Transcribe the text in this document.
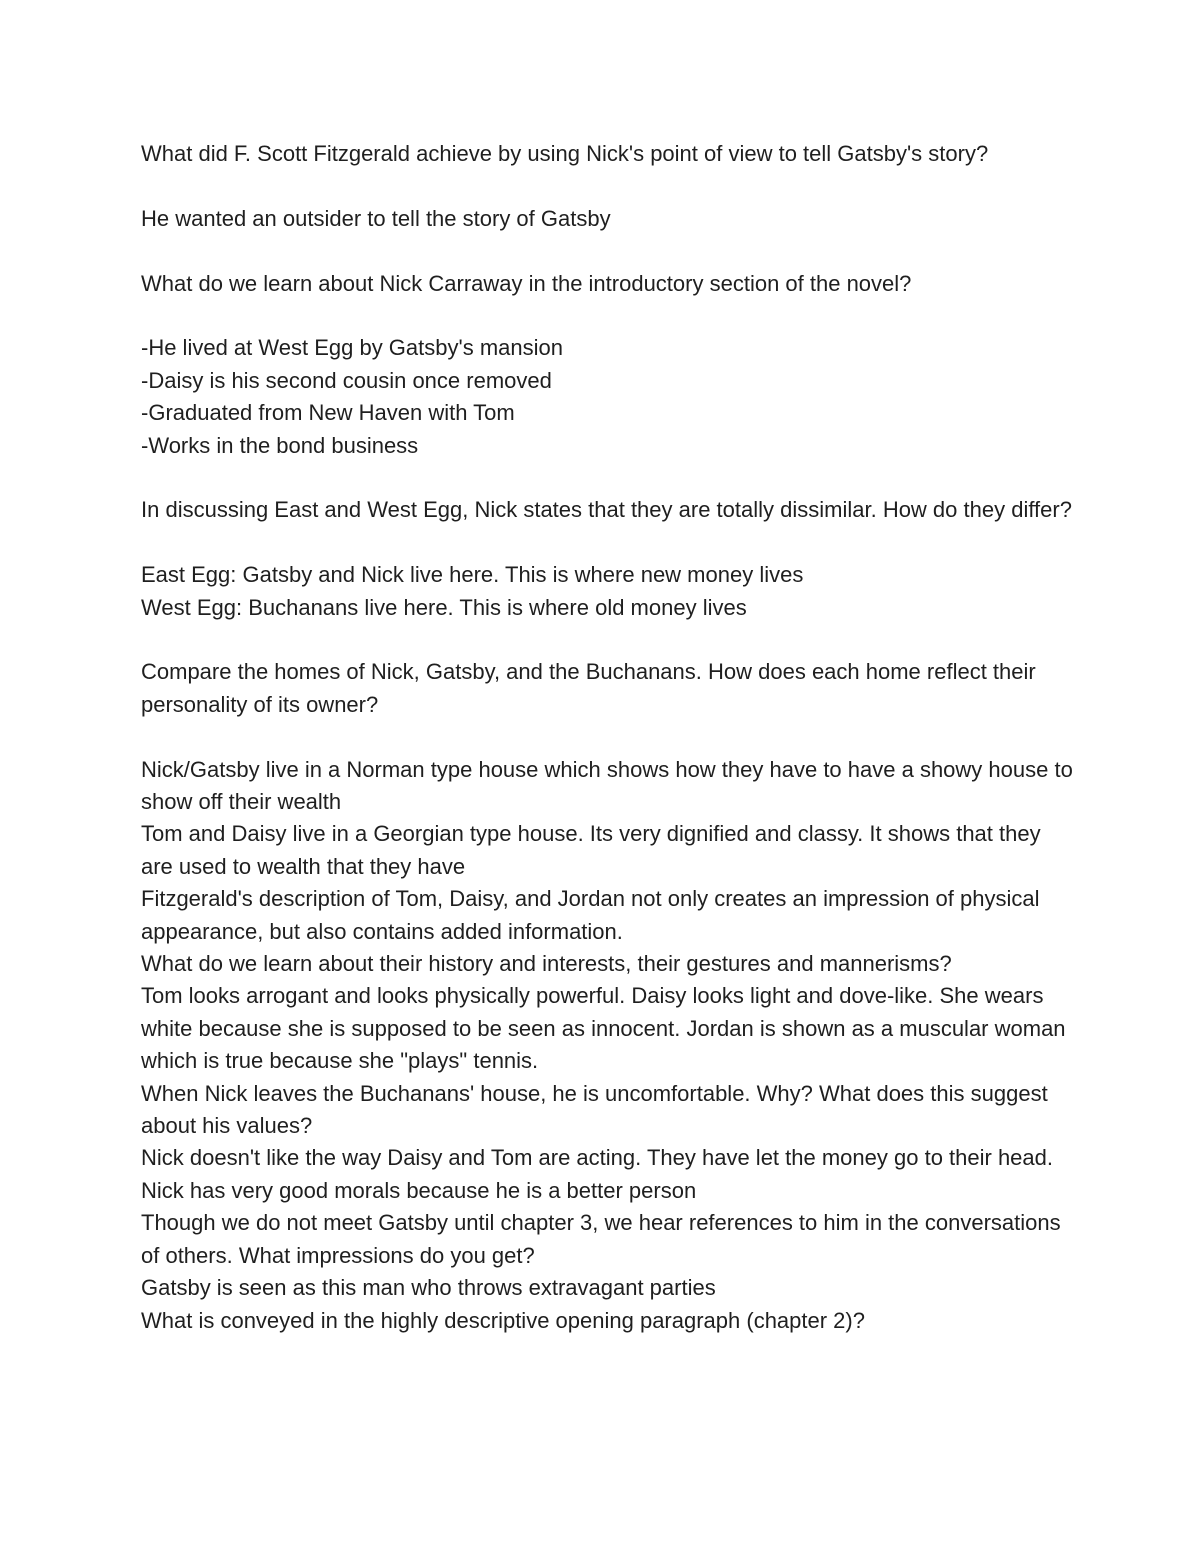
What did F. Scott Fitzgerald achieve by using Nick's point of view to tell Gatsby's story?
He wanted an outsider to tell the story of Gatsby
What do we learn about Nick Carraway in the introductory section of the novel?
-He lived at West Egg by Gatsby's mansion
-Daisy is his second cousin once removed
-Graduated from New Haven with Tom
-Works in the bond business
In discussing East and West Egg, Nick states that they are totally dissimilar. How do they differ?
East Egg: Gatsby and Nick live here. This is where new money lives
West Egg: Buchanans live here. This is where old money lives
Compare the homes of Nick, Gatsby, and the Buchanans. How does each home reflect their personality of its owner?
Nick/Gatsby live in a Norman type house which shows how they have to have a showy house to show off their wealth
Tom and Daisy live in a Georgian type house. Its very dignified and classy. It shows that they are used to wealth that they have
Fitzgerald's description of Tom, Daisy, and Jordan not only creates an impression of physical appearance, but also contains added information.
What do we learn about their history and interests, their gestures and mannerisms?
Tom looks arrogant and looks physically powerful. Daisy looks light and dove-like. She wears white because she is supposed to be seen as innocent. Jordan is shown as a muscular woman which is true because she "plays" tennis.
When Nick leaves the Buchanans' house, he is uncomfortable. Why? What does this suggest about his values?
Nick doesn't like the way Daisy and Tom are acting. They have let the money go to their head. Nick has very good morals because he is a better person
Though we do not meet Gatsby until chapter 3, we hear references to him in the conversations of others. What impressions do you get?
Gatsby is seen as this man who throws extravagant parties
What is conveyed in the highly descriptive opening paragraph (chapter 2)?
